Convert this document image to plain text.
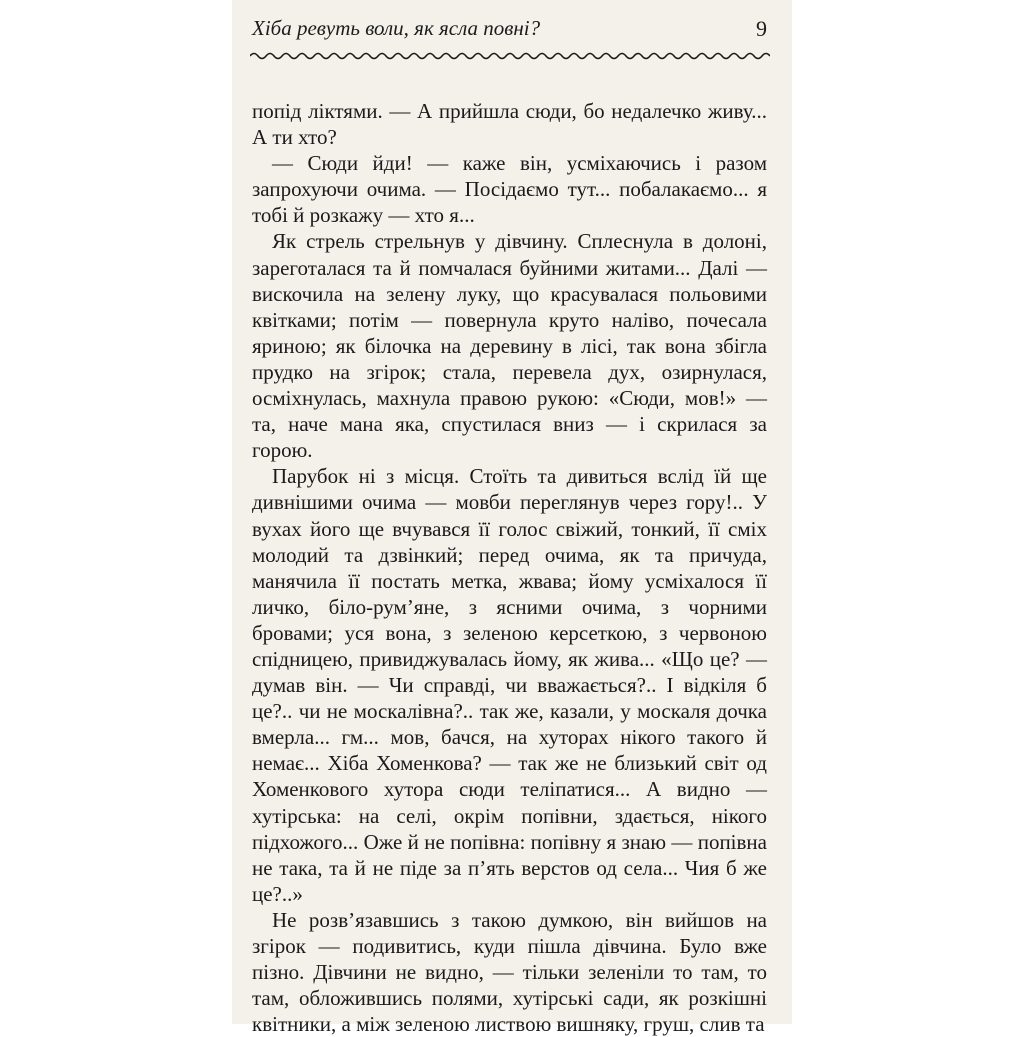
Хіба ревуть воли, як ясла повні?	9

попід ліктями. — А прийшла сюди, бо недалечко живу... А ти хто?

— Сюди йди! — каже він, усміхаючись і разом запрохуючи очима. — Посідаємо тут... побалакаємо... я тобі й розкажу — хто я...

Як стрель стрельнув у дівчину. Сплеснула в долоні, зареготалася та й помчалася буйними житами... Далі — вискочила на зелену луку, що красувалася польовими квітками; потім — повернула круто наліво, почесала яриною; як білочка на деревину в лісі, так вона збігла прудко на згірок; стала, перевела дух, озирнулася, осміхнулась, махнула правою рукою: «Сюди, мов!» — та, наче мана яка, спустилася вниз — і скрилася за горою.

Парубок ні з місця. Стоїть та дивиться вслід їй ще дивнішими очима — мовби переглянув через гору!.. У вухах його ще вчувався її голос свіжий, тонкий, її сміх молодий та дзвінкий; перед очима, як та причуда, манячила її постать метка, жвава; йому усміхалося її личко, біло-рум’яне, з ясними очима, з чорними бровами; уся вона, з зеленою керсеткою, з червоною спідницею, привиджувалась йому, як жива... «Що це? — думав він. — Чи справді, чи вважається?.. І відкіля б це?.. чи не москалівна?.. так же, казали, у москаля дочка вмерла... гм... мов, бачся, на хуторах нікого такого й немає... Хіба Хоменкова? — так же не близький світ од Хоменкового хутора сюди теліпатися... А видно — хутірська: на селі, окрім попівни, здається, нікого підхожого... Оже й не попівна: попівну я знаю — попівна не така, та й не піде за п’ять верстов од села... Чия б же це?..»

Не розв’язавшись з такою думкою, він вийшов на згірок — подивитись, куди пішла дівчина. Було вже пізно. Дівчини не видно, — тільки зеленіли то там, то там, обложившись полями, хутірські сади, як розкішні квітники, а між зеленою листвою вишняку, груш, слив та
